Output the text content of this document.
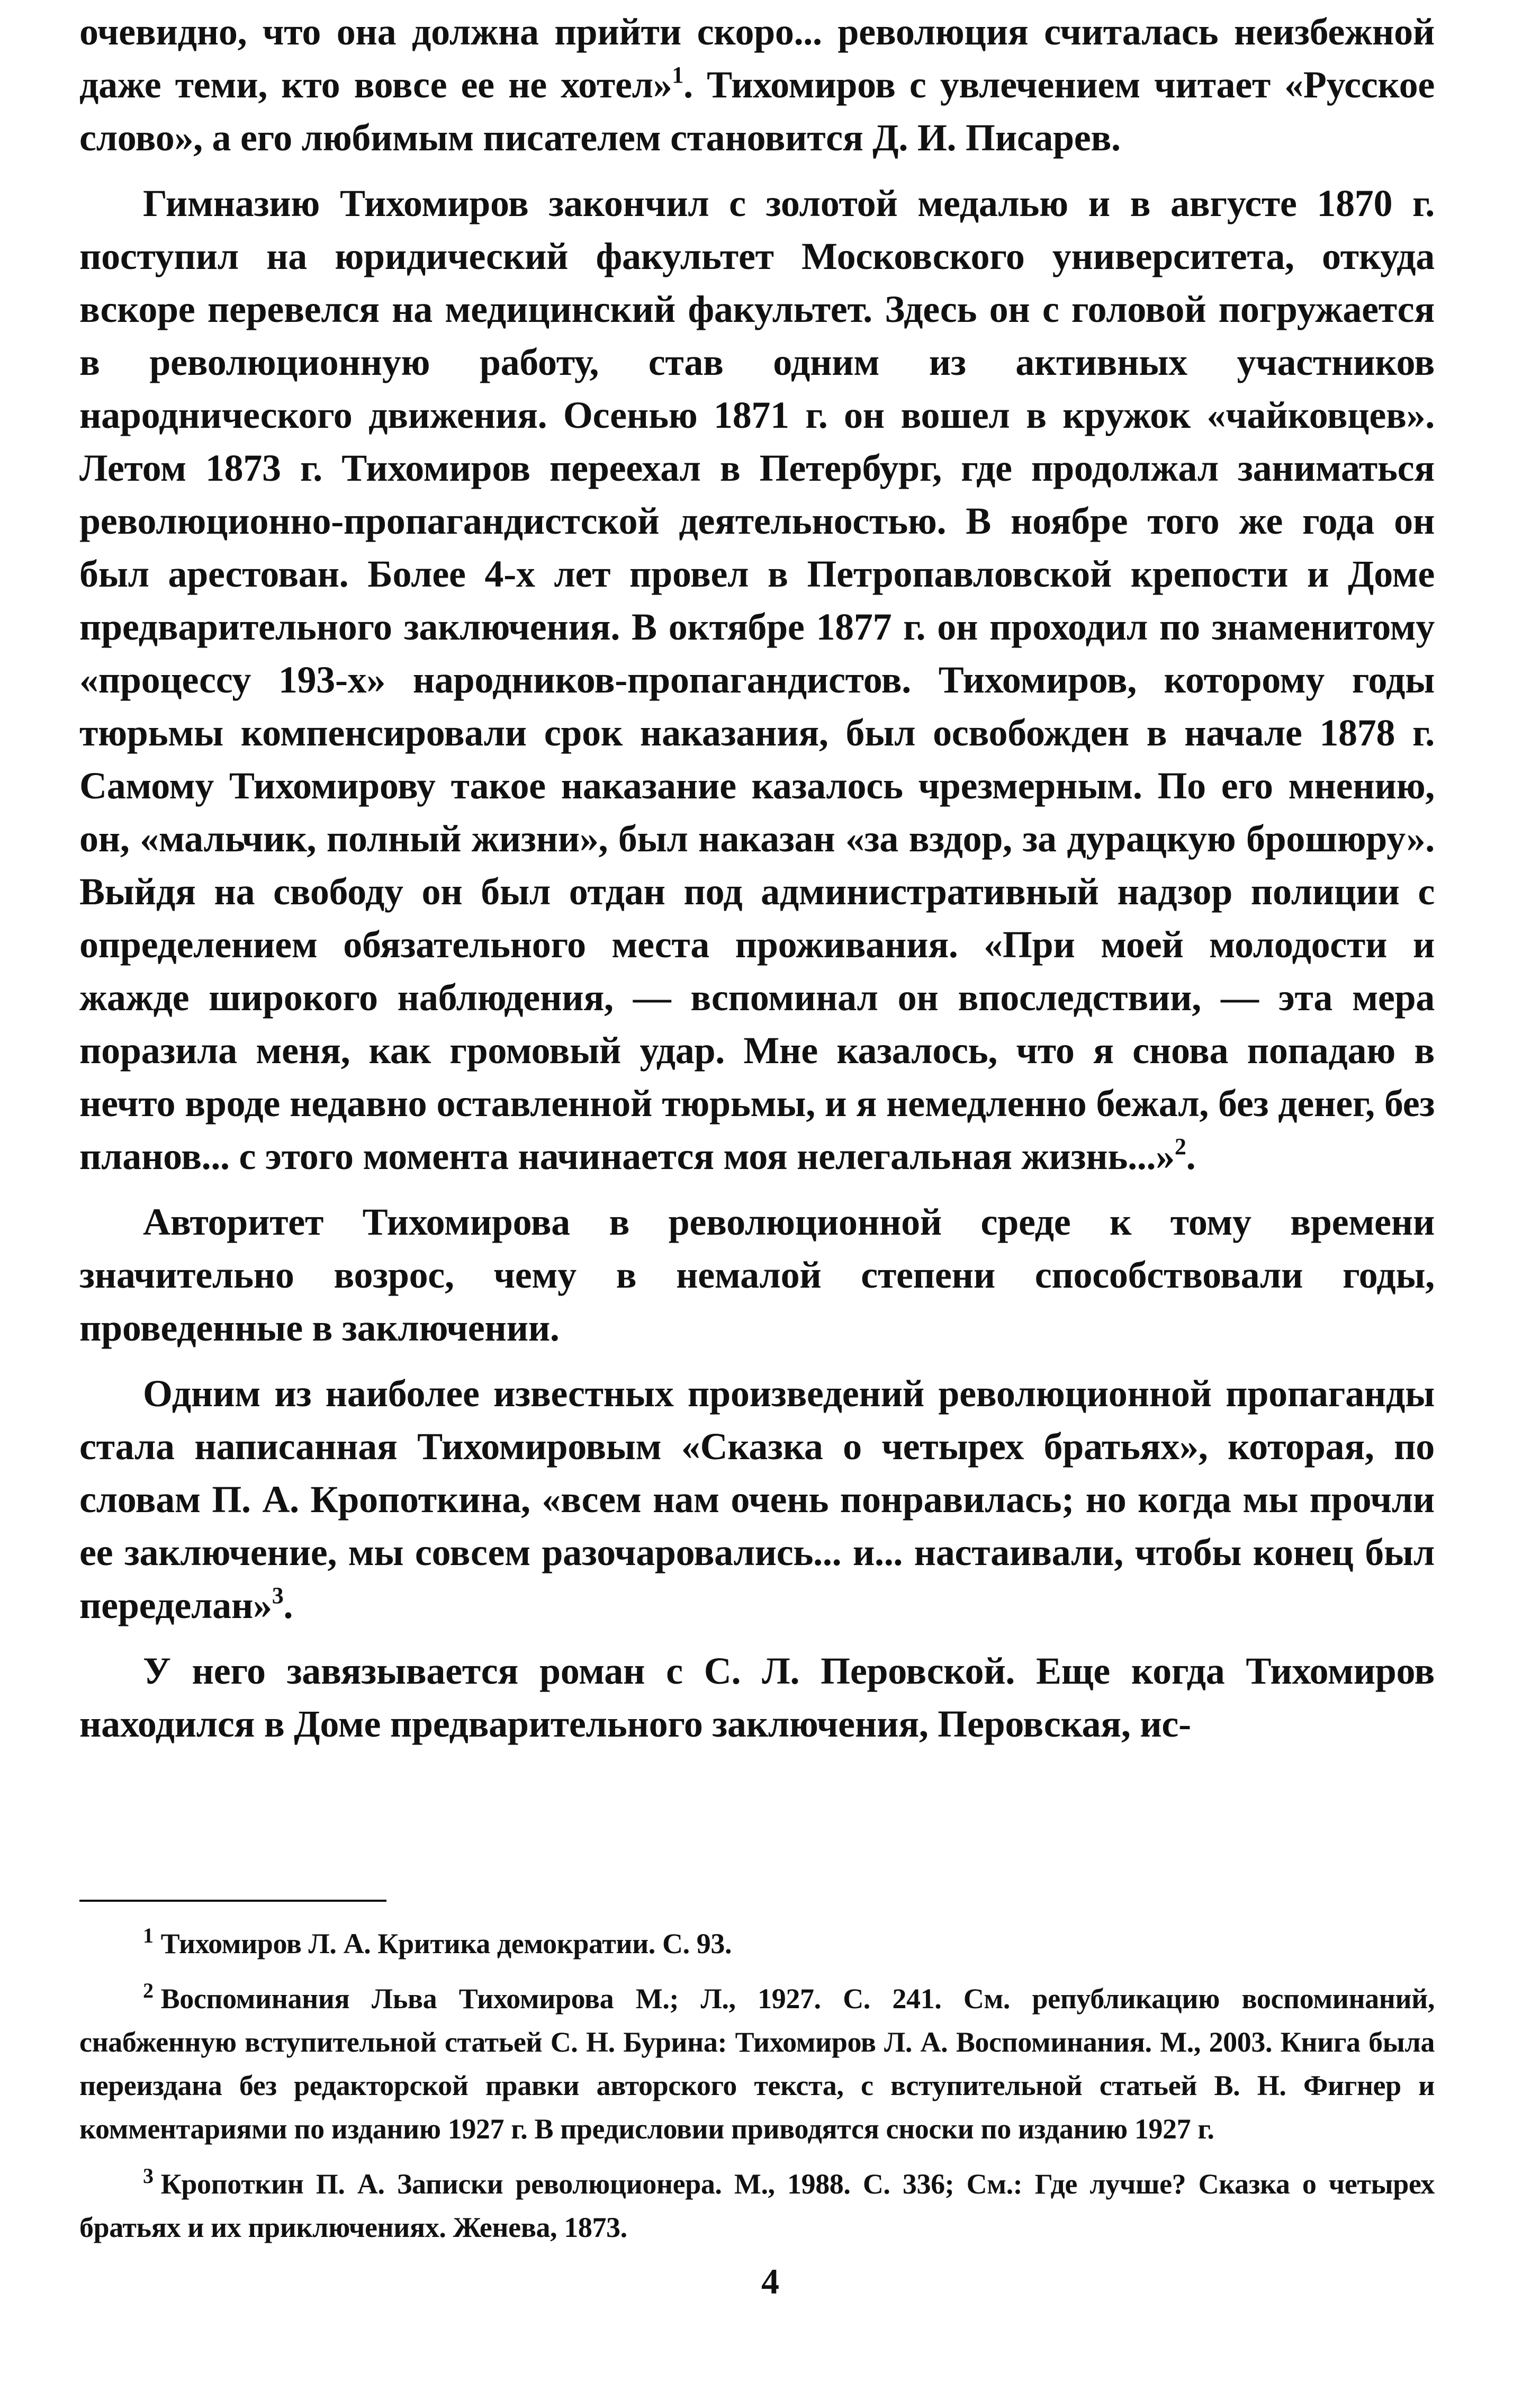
очевидно, что она должна прийти скоро... революция считалась неизбежной даже теми, кто вовсе ее не хотел»$^1$. Тихомиров с увлечением читает «Русское слово», а его любимым писателем становится Д. И. Писарев.

Гимназию Тихомиров закончил с золотой медалью и в августе 1870 г. поступил на юридический факультет Московского университета, откуда вскоре перевелся на медицинский факультет. Здесь он с головой погружается в революционную работу, став одним из активных участников народнического движения. Осенью 1871 г. он вошел в кружок «чайковцев». Летом 1873 г. Тихомиров переехал в Петербург, где продолжал заниматься революционно-пропагандистской деятельностью. В ноябре того же года он был арестован. Более 4-х лет провел в Петропавловской крепости и Доме предварительного заключения. В октябре 1877 г. он проходил по знаменитому «процессу 193-х» народников-пропагандистов. Тихомиров, которому годы тюрьмы компенсировали срок наказания, был освобожден в начале 1878 г. Самому Тихомирову такое наказание казалось чрезмерным. По его мнению, он, «мальчик, полный жизни», был наказан «за вздор, за дурацкую брошюру». Выйдя на свободу он был отдан под административный надзор полиции с определением обязательного места проживания. «При моей молодости и жажде широкого наблюдения, — вспоминал он впоследствии, — эта мера поразила меня, как громовый удар. Мне казалось, что я снова попадаю в нечто вроде недавно оставленной тюрьмы, и я немедленно бежал, без денег, без планов... с этого момента начинается моя нелегальная жизнь...»$^2$.

Авторитет Тихомирова в революционной среде к тому времени значительно возрос, чему в немалой степени способствовали годы, проведенные в заключении.

Одним из наиболее известных произведений революционной пропаганды стала написанная Тихомировым «Сказка о четырех братьях», которая, по словам П. А. Кропоткина, «всем нам очень понравилась; но когда мы прочли ее заключение, мы совсем разочаровались... и... настаивали, чтобы конец был переделан»$^3$.

У него завязывается роман с С. Л. Перовской. Еще когда Тихомиров находился в Доме предварительного заключения, Перовская, ис-

$^1$ Тихомиров Л. А. Критика демократии. С. 93.

$^2$ Воспоминания Льва Тихомирова М.; Л., 1927. С. 241. См. републикацию воспоминаний, снабженную вступительной статьей С. Н. Бурина: Тихомиров Л. А. Воспоминания. М., 2003. Книга была переиздана без редакторской правки авторского текста, с вступительной статьей В. Н. Фигнер и комментариями по изданию 1927 г. В предисловии приводятся сноски по изданию 1927 г.

$^3$ Кропоткин П. А. Записки революционера. М., 1988. С. 336; См.: Где лучше? Сказка о четырех братьях и их приключениях. Женева, 1873.

4
